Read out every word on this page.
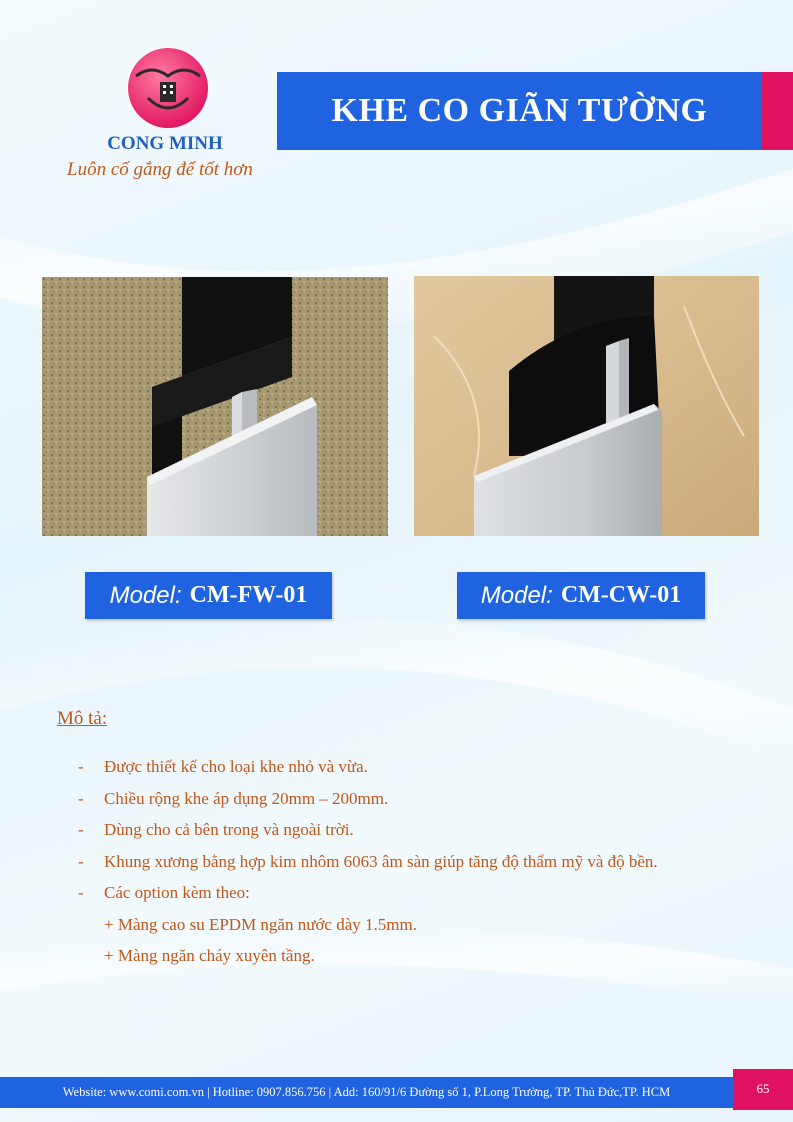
CONG MINH
Luôn cố gắng để tốt hơn
KHE CO GIÃN TƯỜNG
Model: CM-FW-01	Model: CM-CW-01
Mô tả:
-	Được thiết kế cho loại khe nhỏ và vừa.
-	Chiều rộng khe áp dụng 20mm – 200mm.
-	Dùng cho cả bên trong và ngoài trời.
-	Khung xương bằng hợp kim nhôm 6063 âm sàn giúp tăng độ thẩm mỹ và độ bền.
-	Các option kèm theo:
+ Màng cao su EPDM ngăn nước dày 1.5mm.
+ Màng ngăn cháy xuyên tầng.
Website: www.comi.com.vn | Hotline: 0907.856.756 | Add: 160/91/6 Đường số 1, P.Long Trường, TP. Thủ Đức,TP. HCM	65
